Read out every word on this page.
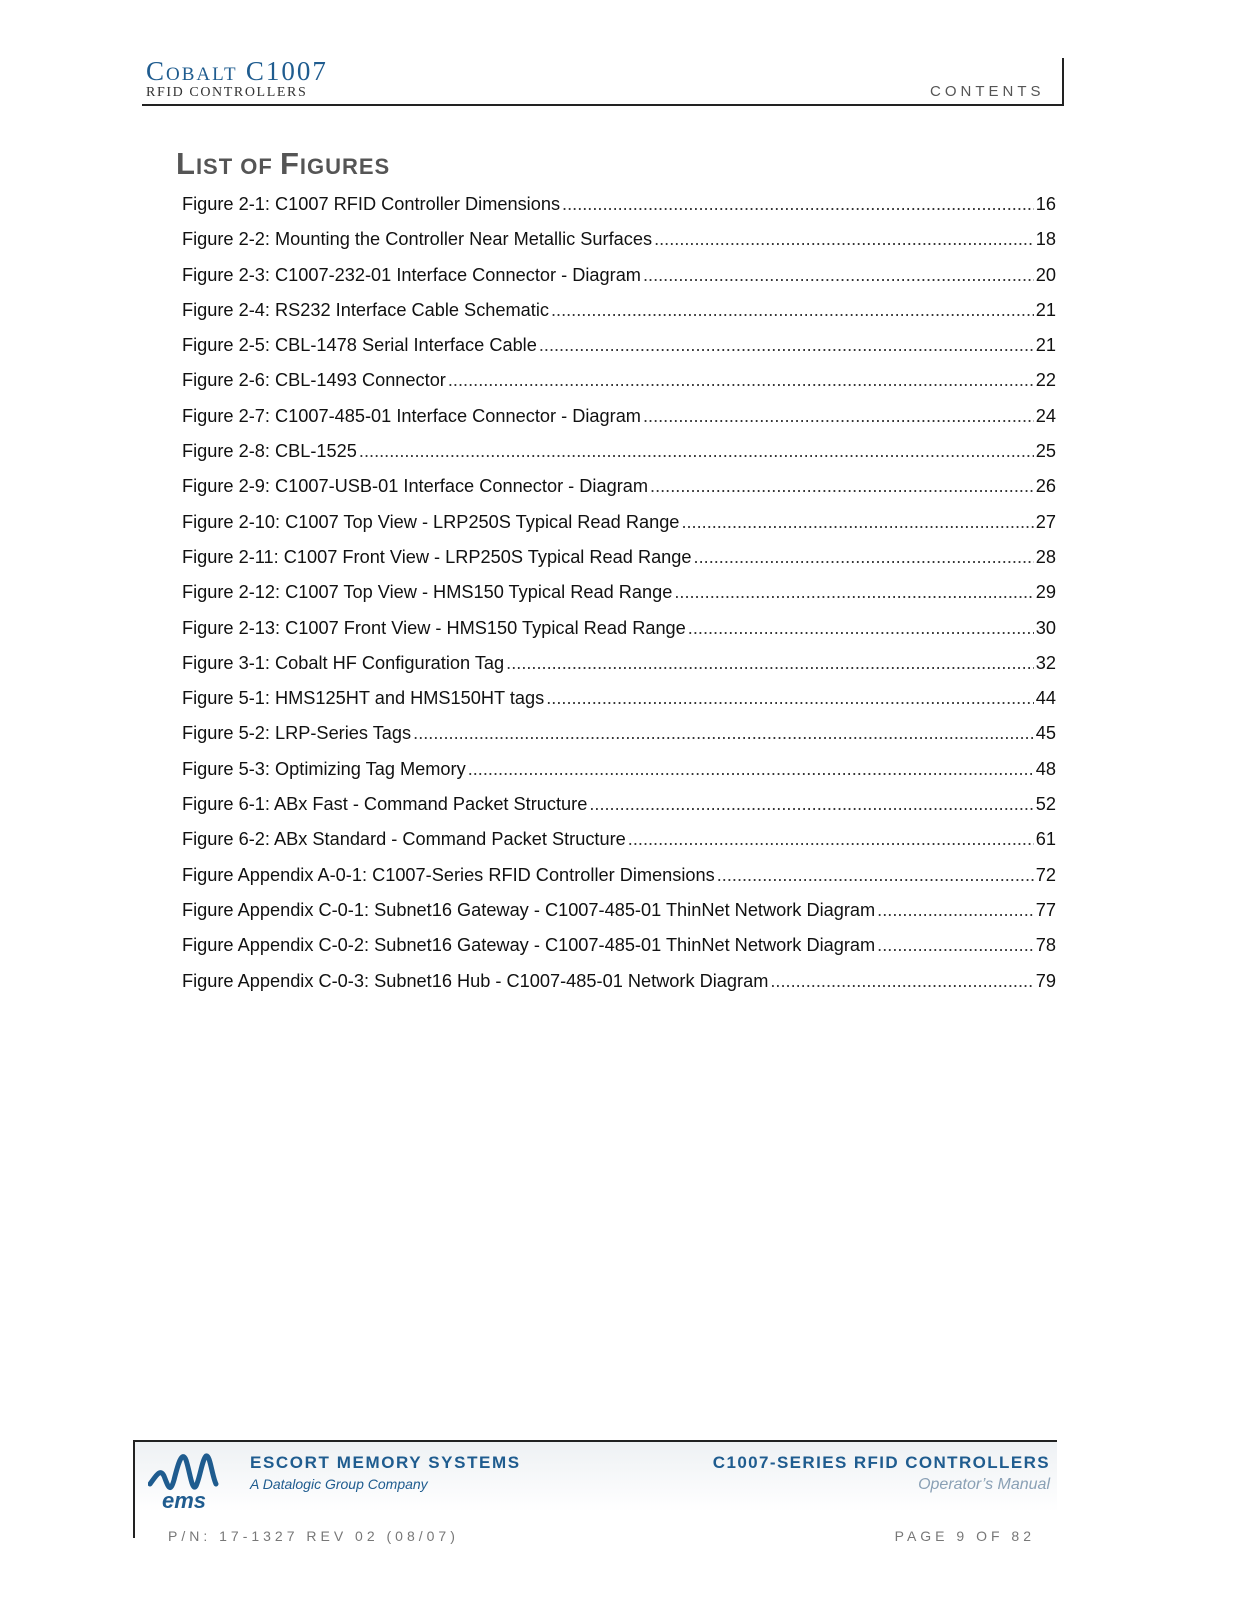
COBALT C1007
RFID CONTROLLERS	CONTENTS
LIST OF FIGURES
Figure 2-1: C1007 RFID Controller Dimensions .....	16
Figure 2-2: Mounting the Controller Near Metallic Surfaces .....	18
Figure 2-3: C1007-232-01 Interface Connector - Diagram .....	20
Figure 2-4: RS232 Interface Cable Schematic .....	21
Figure 2-5: CBL-1478 Serial Interface Cable .....	21
Figure 2-6: CBL-1493 Connector .....	22
Figure 2-7: C1007-485-01 Interface Connector - Diagram .....	24
Figure 2-8: CBL-1525 .....	25
Figure 2-9: C1007-USB-01 Interface Connector - Diagram .....	26
Figure 2-10: C1007 Top View - LRP250S Typical Read Range .....	27
Figure 2-11: C1007 Front View - LRP250S Typical Read Range .....	28
Figure 2-12: C1007 Top View - HMS150 Typical Read Range .....	29
Figure 2-13: C1007 Front View - HMS150 Typical Read Range .....	30
Figure 3-1: Cobalt HF Configuration Tag .....	32
Figure 5-1: HMS125HT and HMS150HT tags .....	44
Figure 5-2: LRP-Series Tags .....	45
Figure 5-3: Optimizing Tag Memory .....	48
Figure 6-1: ABx Fast - Command Packet Structure .....	52
Figure 6-2: ABx Standard - Command Packet Structure .....	61
Figure Appendix A-0-1: C1007-Series RFID Controller Dimensions .....	72
Figure Appendix C-0-1: Subnet16 Gateway - C1007-485-01 ThinNet Network Diagram .....	77
Figure Appendix C-0-2: Subnet16 Gateway - C1007-485-01 ThinNet Network Diagram .....	78
Figure Appendix C-0-3: Subnet16 Hub - C1007-485-01 Network Diagram .....	79
ems
ESCORT MEMORY SYSTEMS
A Datalogic Group Company
C1007-SERIES RFID CONTROLLERS
Operator’s Manual
P/N: 17-1327 REV 02 (08/07)	PAGE 9 OF 82
